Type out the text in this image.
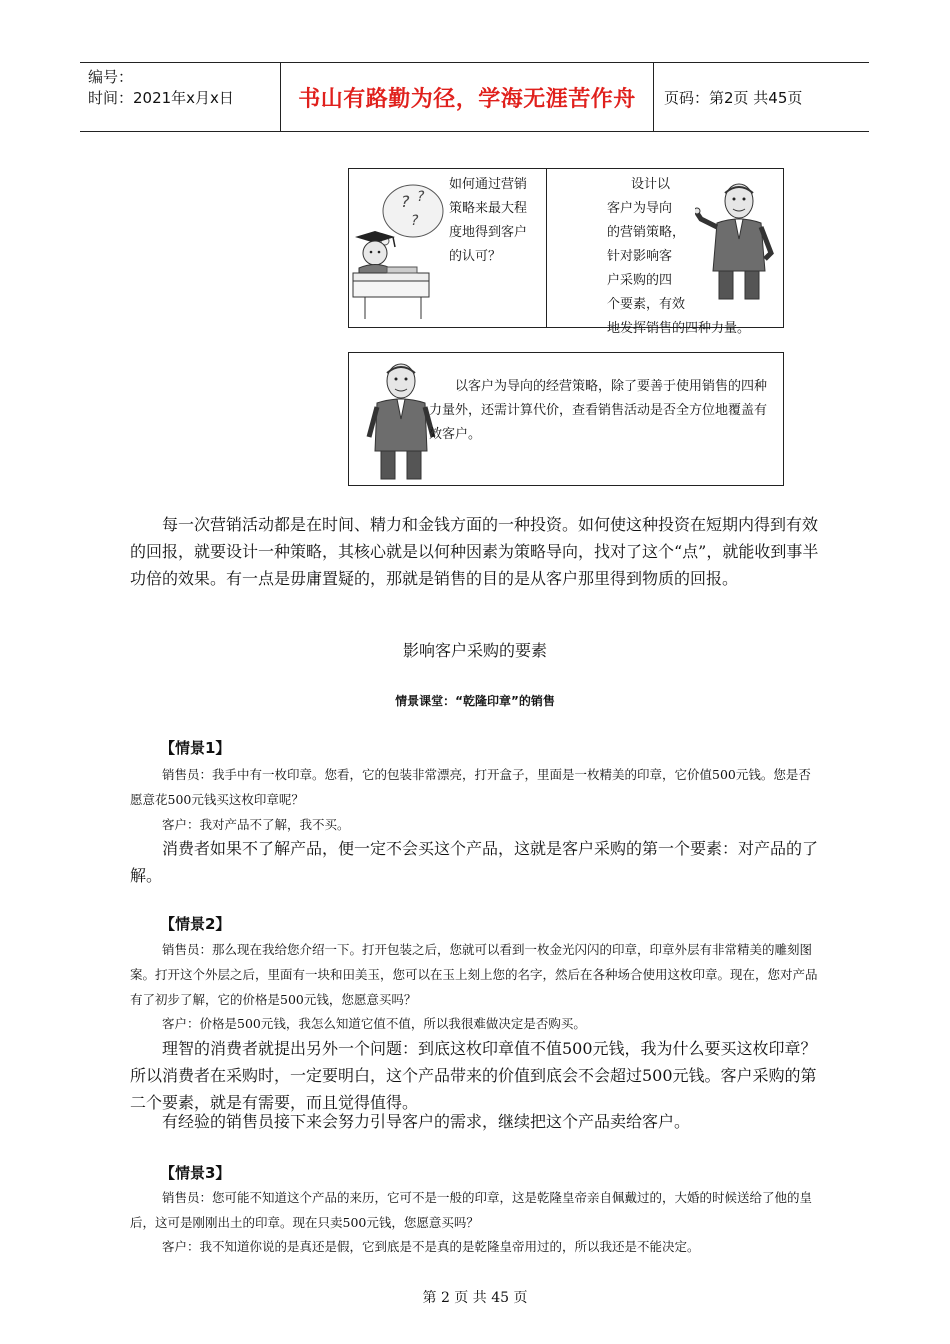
编号：
时间：2021年x月x日	书山有路勤为径，学海无涯苦作舟	页码：第2页 共45页
? ?
?
如何通过营销
策略来最大程
度地得到客户
的认可？
设计以
客户为导向
的营销策略，
针对影响客
户采购的四
个要素，有效
地发挥销售的四种力量。
以客户为导向的经营策略，除了要善于使用销售的四种
力量外，还需计算代价，查看销售活动是否全方位地覆盖有
效客户。
每一次营销活动都是在时间、精力和金钱方面的一种投资。如何使这种投资在短期内得到有效的回报，就要设计一种策略，其核心就是以何种因素为策略导向，找对了这个“点”，就能收到事半功倍的效果。有一点是毋庸置疑的，那就是销售的目的是从客户那里得到物质的回报。
影响客户采购的要素
情景课堂：“乾隆印章”的销售
【情景1】
销售员：我手中有一枚印章。您看，它的包装非常漂亮，打开盒子，里面是一枚精美的印章，它价值500元钱。您是否愿意花500元钱买这枚印章呢？
客户：我对产品不了解，我不买。
消费者如果不了解产品，便一定不会买这个产品，这就是客户采购的第一个要素：对产品的了解。
【情景2】
销售员：那么现在我给您介绍一下。打开包装之后，您就可以看到一枚金光闪闪的印章，印章外层有非常精美的雕刻图案。打开这个外层之后，里面有一块和田美玉，您可以在玉上刻上您的名字，然后在各种场合使用这枚印章。现在，您对产品有了初步了解，它的价格是500元钱，您愿意买吗？
客户：价格是500元钱，我怎么知道它值不值，所以我很难做决定是否购买。
理智的消费者就提出另外一个问题：到底这枚印章值不值500元钱，我为什么要买这枚印章？所以消费者在采购时，一定要明白，这个产品带来的价值到底会不会超过500元钱。客户采购的第二个要素，就是有需要，而且觉得值得。
有经验的销售员接下来会努力引导客户的需求，继续把这个产品卖给客户。
【情景3】
销售员：您可能不知道这个产品的来历，它可不是一般的印章，这是乾隆皇帝亲自佩戴过的，大婚的时候送给了他的皇后，这可是刚刚出土的印章。现在只卖500元钱，您愿意买吗？
客户：我不知道你说的是真还是假，它到底是不是真的是乾隆皇帝用过的，所以我还是不能决定。
第 2 页 共 45 页
